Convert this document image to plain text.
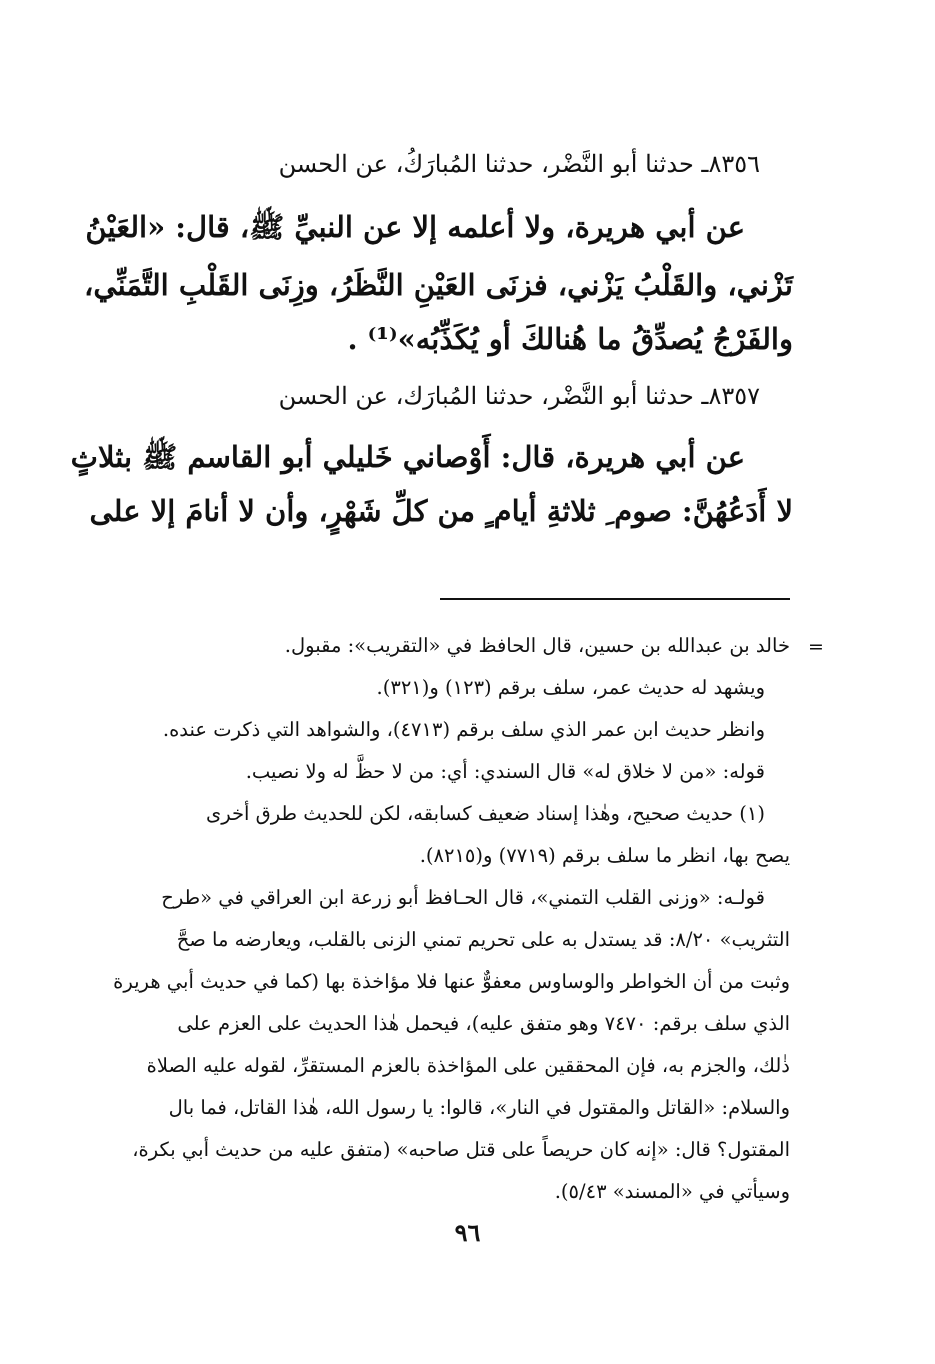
٨٣٥٦ـ حدثنا أبو النَّضْر، حدثنا المُبارَكُ، عن الحسن
عن أبي هريرة، ولا أعلمه إلا عن النبيِّ ﷺ، قال: «العَيْنُ
تَزْني، والقَلْبُ يَزْني، فزنَى العَيْنِ النَّظَرُ، وزِنَى القَلْبِ التَّمَنِّي،
والفَرْجُ يُصدِّقُ ما هُنالكَ أو يُكَذِّبُه»⁽¹⁾ .
٨٣٥٧ـ حدثنا أبو النَّضْر، حدثنا المُبارَك، عن الحسن
عن أبي هريرة، قال: أَوْصاني خَليلي أبو القاسم ﷺ بثلاثٍ
لا أَدَعُهُنَّ: صوم ِ ثلاثةِ أيام ٍ من كلِّ شَهْرٍ، وأن لا أنامَ إلا على
=
خالد بن عبدالله بن حسين، قال الحافظ في «التقريب»: مقبول.
ويشهد له حديث عمر، سلف برقم (١٢٣) و(٣٢١).
وانظر حديث ابن عمر الذي سلف برقم (٤٧١٣)، والشواهد التي ذكرت عنده.
قوله: «من لا خلاق له» قال السندي: أي: من لا حظَّ له ولا نصيب.
(١) حديث صحيح، وهٰذا إسناد ضعيف كسابقه، لكن للحديث طرق أخرى
يصح بها، انظر ما سلف برقم (٧٧١٩) و(٨٢١٥).
قولـه: «وزنى القلب التمني»، قال الحـافظ أبو زرعة ابن العراقي في «طرح
التثريب» ٨/٢٠: قد يستدل به على تحريم تمني الزنى بالقلب، ويعارضه ما صحَّ
وثبت من أن الخواطر والوساوس معفوٌّ عنها فلا مؤاخذة بها (كما في حديث أبي هريرة
الذي سلف برقم: ٧٤٧٠ وهو متفق عليه)، فيحمل هٰذا الحديث على العزم على
ذٰلك، والجزم به، فإن المحققين على المؤاخذة بالعزم المستقرِّ، لقوله عليه الصلاة
والسلام: «القاتل والمقتول في النار»، قالوا: يا رسول الله، هٰذا القاتل، فما بال
المقتول؟ قال: «إنه كان حريصاً على قتل صاحبه» (متفق عليه من حديث أبي بكرة،
وسيأتي في «المسند» ٥/٤٣).
٩٦
